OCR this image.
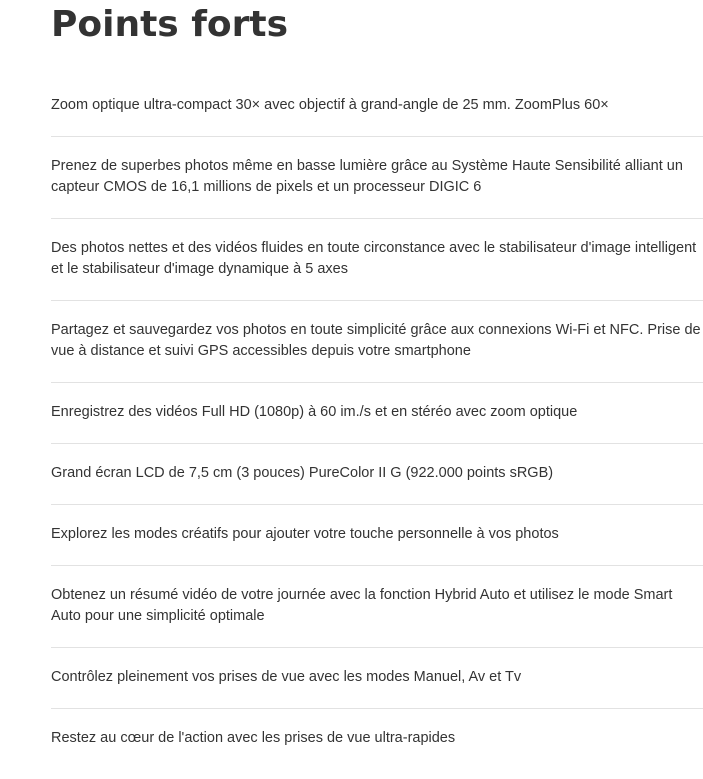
Points forts
Zoom optique ultra-compact 30× avec objectif à grand-angle de 25 mm. ZoomPlus 60×
Prenez de superbes photos même en basse lumière grâce au Système Haute Sensibilité alliant un capteur CMOS de 16,1 millions de pixels et un processeur DIGIC 6
Des photos nettes et des vidéos fluides en toute circonstance avec le stabilisateur d'image intelligent et le stabilisateur d'image dynamique à 5 axes
Partagez et sauvegardez vos photos en toute simplicité grâce aux connexions Wi-Fi et NFC. Prise de vue à distance et suivi GPS accessibles depuis votre smartphone
Enregistrez des vidéos Full HD (1080p) à 60 im./s et en stéréo avec zoom optique
Grand écran LCD de 7,5 cm (3 pouces) PureColor II G (922.000 points sRGB)
Explorez les modes créatifs pour ajouter votre touche personnelle à vos photos
Obtenez un résumé vidéo de votre journée avec la fonction Hybrid Auto et utilisez le mode Smart Auto pour une simplicité optimale
Contrôlez pleinement vos prises de vue avec les modes Manuel, Av et Tv
Restez au cœur de l'action avec les prises de vue ultra-rapides
